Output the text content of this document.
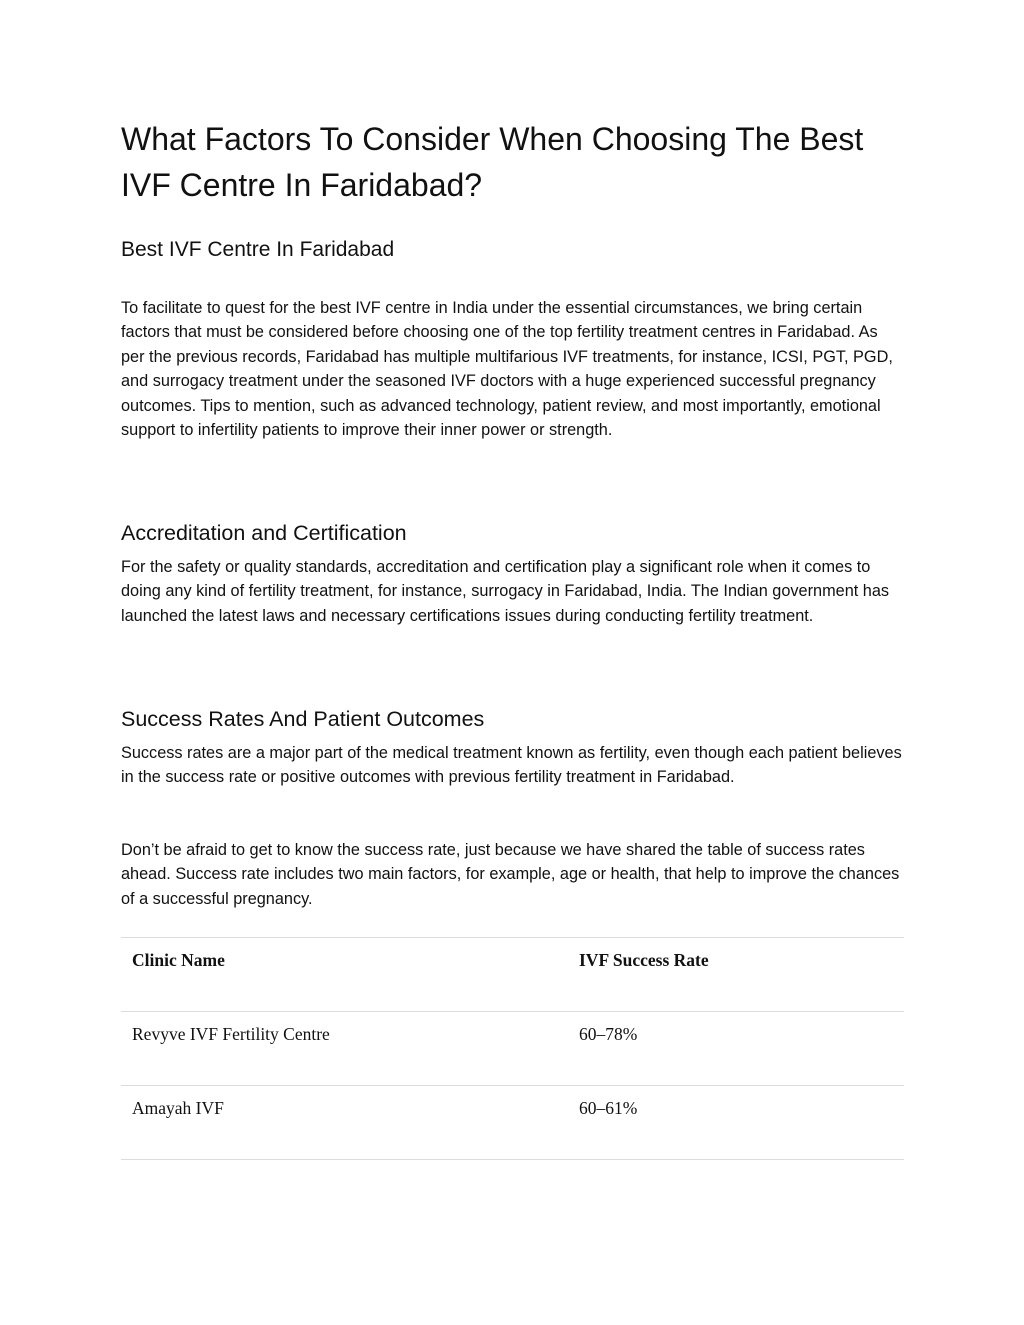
What Factors To Consider When Choosing The Best IVF Centre In Faridabad?
Best IVF Centre In Faridabad

To facilitate to quest for the best IVF centre in India under the essential circumstances, we bring certain factors that must be considered before choosing one of the top fertility treatment centres in Faridabad. As per the previous records, Faridabad has multiple multifarious IVF treatments, for instance, ICSI, PGT, PGD, and surrogacy treatment under the seasoned IVF doctors with a huge experienced successful pregnancy outcomes. Tips to mention, such as advanced technology, patient review, and most importantly, emotional support to infertility patients to improve their inner power or strength.

Accreditation and Certification

For the safety or quality standards, accreditation and certification play a significant role when it comes to doing any kind of fertility treatment, for instance, surrogacy in Faridabad, India. The Indian government has launched the latest laws and necessary certifications issues during conducting fertility treatment.

Success Rates And Patient Outcomes

Success rates are a major part of the medical treatment known as fertility, even though each patient believes in the success rate or positive outcomes with previous fertility treatment in Faridabad.

Don’t be afraid to get to know the success rate, just because we have shared the table of success rates ahead. Success rate includes two main factors, for example, age or health, that help to improve the chances of a successful pregnancy.

Clinic Name	IVF Success Rate
Revyve IVF Fertility Centre	60–78%
Amayah IVF	60–61%
